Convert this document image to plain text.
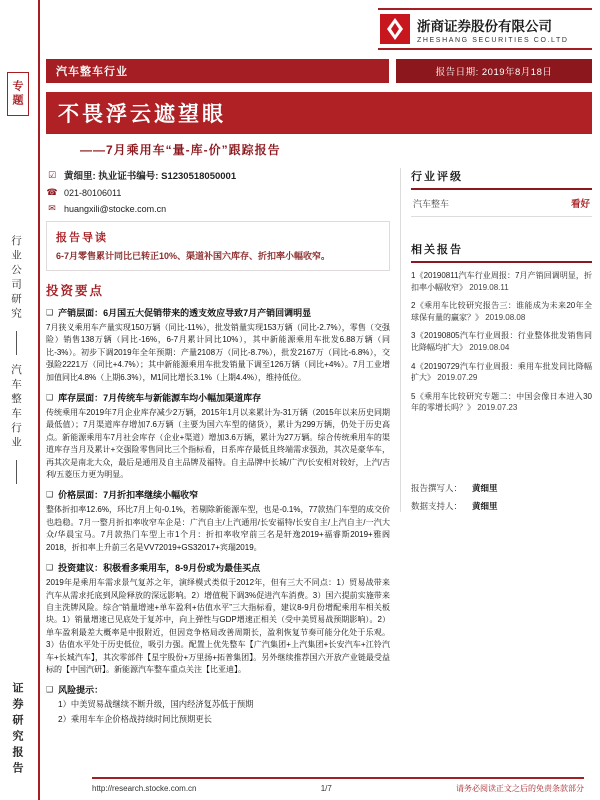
专题
行业公司研究
汽车整车行业
证券研究报告
浙商证券股份有限公司
ZHESHANG SECURITIES CO.LTD
汽车整车行业	报告日期: 2019年8月18日
不畏浮云遮望眼
——7月乘用车“量-库-价”跟踪报告
☑ 黄细里: 执业证书编号: S1230518050001
☎ 021-80106011
✉ huangxili@stocke.com.cn
报告导读
6-7月零售累计同比已转正10%、渠道补国六库存、折扣率小幅收窄。
投资要点
❑ 产销层面：6月国五大促销带来的透支效应导致7月产销回调明显
7月狭义乘用车产量实现150万辆（同比-11%），批发销量实现153万辆（同比-2.7%），零售（交强险）销售138万辆（同比-16%，6-7月累计同比10%），其中新能源乘用车批发6.88万辆（同比-3%）。初步下调2019年全年预期：产量2108万（同比-8.7%），批发2167万（同比-6.8%），交强险2221万（同比+4.7%）；其中新能源乘用车批发销量下调至126万辆（同比+4%）。7月工业增加值同比4.8%（上期6.3%），M1同比增长3.1%（上期4.4%），维持低位。
❑ 库存层面：7月传统车与新能源车均小幅加渠道库存
传统乘用车2019年7月企业库存减少2万辆，2015年1月以来累计为-31万辆（2015年以来历史同期最低值）；7月渠道库存增加7.6万辆（主要为国六车型的储货），累计为299万辆，仍处于历史高点。新能源乘用车7月社会库存（企业+渠道）增加3.6万辆，累计为27万辆。综合传统乘用车的渠道库存当月及累计+交强险零售同比三个指标看，日系库存最低且终端需求强劲，其次是豪华车，再其次是南北大众，最后是通用及自主品牌及福特。自主品牌中长城/广汽/长安相对较好，上汽/吉利/五菱压力更为明显。
❑ 价格层面：7月折扣率继续小幅收窄
整体折扣率12.6%，环比7月上旬-0.1%，若剔除新能源车型，也是-0.1%，77款热门车型的成交价也趋稳。7月一整月折扣率收窄车企是：广汽自主/上汽通用/长安福特/长安自主/上汽自主/一汽大众/华晨宝马。7月款热门车型上市1个月：折扣率收窄前三名是轩逸2019+福睿斯2019+雅阁2018，折扣率上升前三名是VV72019+GS32017+宾瑞2019。
❑ 投资建议：积极看多乘用车，8-9月份或为最佳买点
2019年是乘用车需求景气复苏之年，演绎模式类似于2012年，但有三大不同点：1）贸易战带来汽车从需求托底到风险释放的深远影响。2）增值税下调3%促进汽车消费。3）国六提前实施带来自主洗牌风险。综合“销量增速+单车盈利+估值水平”三大指标看，建议8-9月份增配乘用车相关板块。1）销量增速已见底处于复苏中，向上弹性与GDP增速正相关（受中美贸易战预期影响）。2）单车盈利最差大概率是中报附近，但因竞争格局改善周期长，盈利恢复节奏可能分化处于乐观。3）估值水平处于历史低位，吸引力强。配置上优先整车【广汽集团+上汽集团+长安汽车+江铃汽车+长城汽车】，其次零部件【星宇股份+万里扬+拓普集团】。另外继续推荐国六开放产业链最受益标的【中国汽研】。新能源汽车整车重点关注【比亚迪】。
❑ 风险提示：
1）中美贸易战继续不断升级，国内经济复苏低于预期
2）乘用车车企价格战持续时间比预期更长
行业评级
汽车整车	看好
相关报告
1《20190811汽车行业周报：7月产销回调明显，折扣率小幅收窄》 2019.08.11
2《乘用车比较研究报告三：谁能成为未来20年全球保有量的赢家？》 2019.08.08
3《20190805汽车行业周报：行业整体批发销售同比降幅均扩大》 2019.08.04
4《20190729汽车行业周报：乘用车批发同比降幅扩大》 2019.07.29
5《乘用车比较研究专题二：中国会像日本进入30年的零增长吗？》 2019.07.23
报告撰写人： 黄细里
数据支持人： 黄细里
http://research.stocke.com.cn	1/7	请务必阅读正文之后的免责条款部分
